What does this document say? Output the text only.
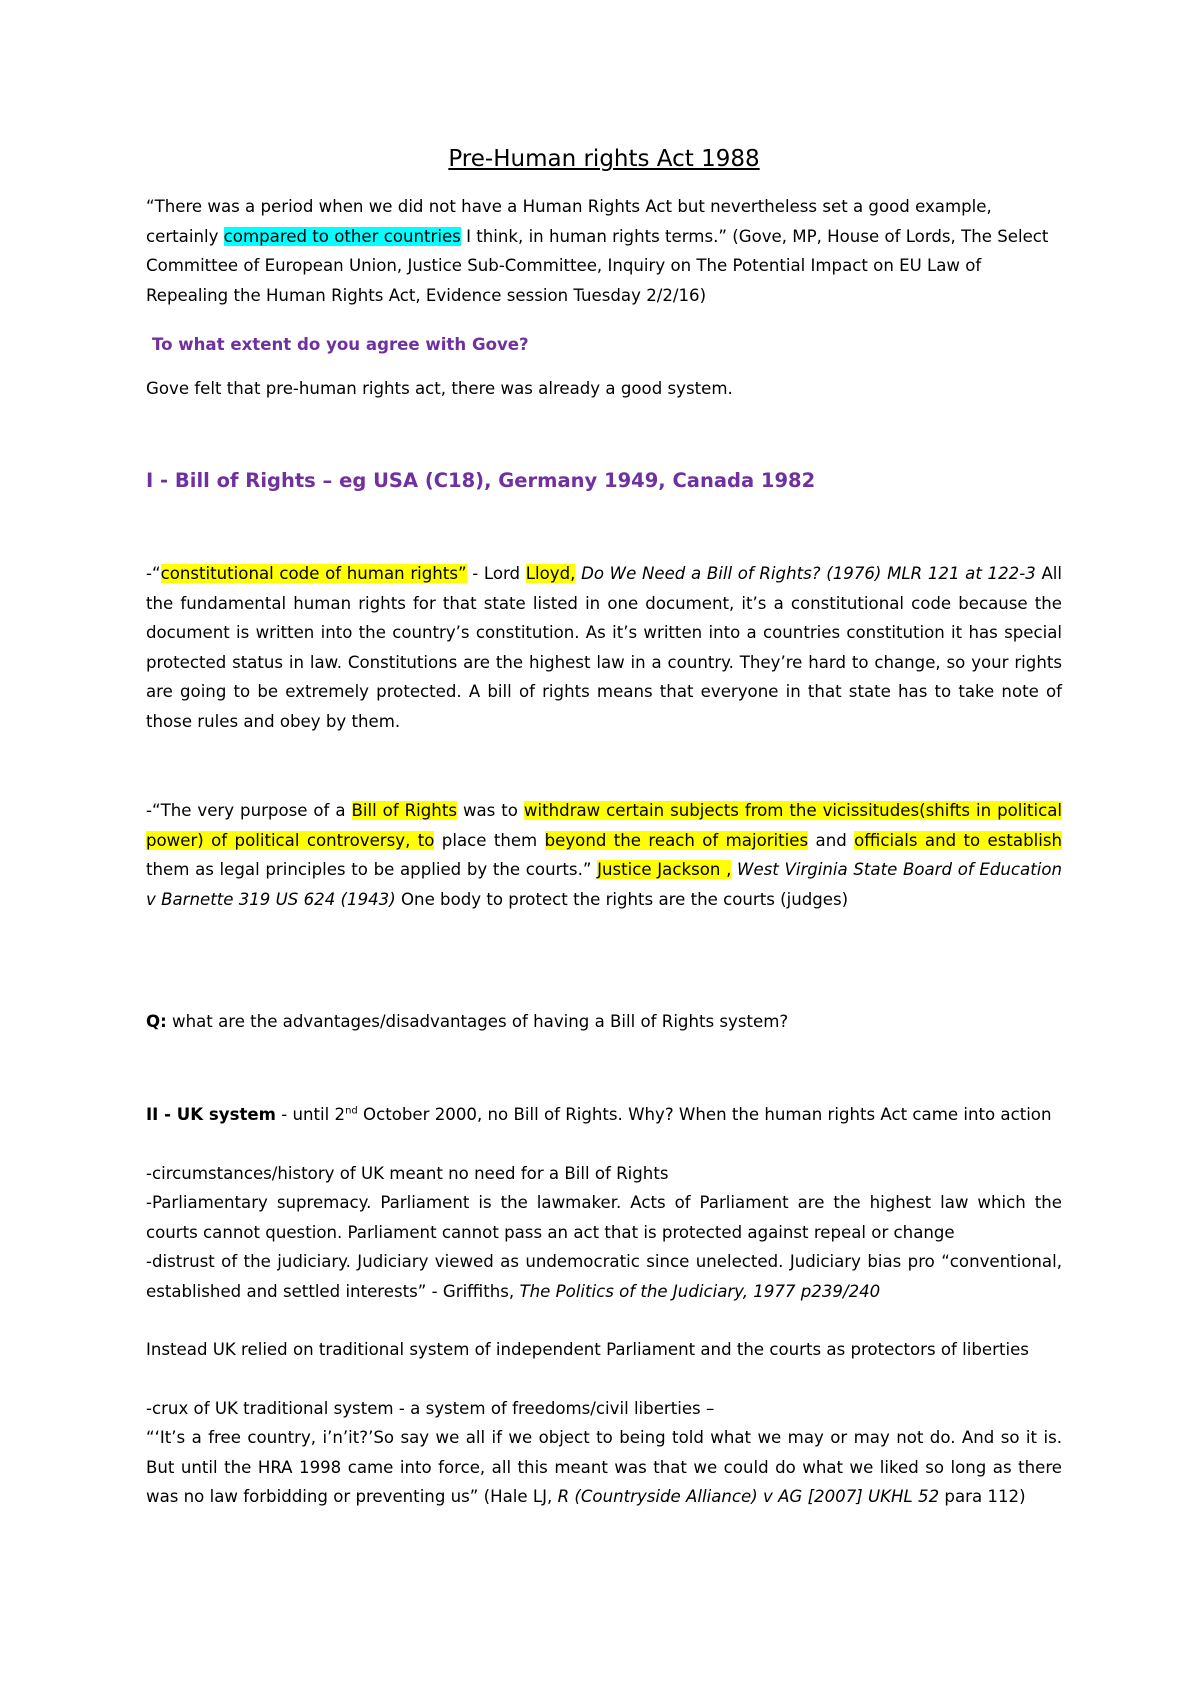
Pre-Human rights Act 1988
“There was a period when we did not have a Human Rights Act but nevertheless set a good example, certainly compared to other countries I think, in human rights terms.” (Gove, MP, House of Lords, The Select Committee of European Union, Justice Sub-Committee, Inquiry on The Potential Impact on EU Law of Repealing the Human Rights Act, Evidence session Tuesday 2/2/16)
To what extent do you agree with Gove?
Gove felt that pre-human rights act, there was already a good system.
I - Bill of Rights – eg USA (C18), Germany 1949, Canada 1982
-“constitutional code of human rights” - Lord Lloyd, Do We Need a Bill of Rights? (1976) MLR 121 at 122-3 All the fundamental human rights for that state listed in one document, it’s a constitutional code because the document is written into the country’s constitution. As it’s written into a countries constitution it has special protected status in law. Constitutions are the highest law in a country. They’re hard to change, so your rights are going to be extremely protected. A bill of rights means that everyone in that state has to take note of those rules and obey by them.
-“The very purpose of a Bill of Rights was to withdraw certain subjects from the vicissitudes(shifts in political power) of political controversy, to place them beyond the reach of majorities and officials and to establish them as legal principles to be applied by the courts.” Justice Jackson , West Virginia State Board of Education v Barnette 319 US 624 (1943) One body to protect the rights are the courts (judges)
Q: what are the advantages/disadvantages of having a Bill of Rights system?
II - UK system - until 2nd October 2000, no Bill of Rights. Why? When the human rights Act came into action
-circumstances/history of UK meant no need for a Bill of Rights
-Parliamentary supremacy. Parliament is the lawmaker. Acts of Parliament are the highest law which the courts cannot question. Parliament cannot pass an act that is protected against repeal or change
-distrust of the judiciary. Judiciary viewed as undemocratic since unelected. Judiciary bias pro “conventional, established and settled interests” - Griffiths, The Politics of the Judiciary, 1977 p239/240
Instead UK relied on traditional system of independent Parliament and the courts as protectors of liberties
-crux of UK traditional system - a system of freedoms/civil liberties –
“‘It’s a free country, i’n’it?’So say we all if we object to being told what we may or may not do. And so it is. But until the HRA 1998 came into force, all this meant was that we could do what we liked so long as there was no law forbidding or preventing us” (Hale LJ, R (Countryside Alliance) v AG [2007] UKHL 52 para 112)
